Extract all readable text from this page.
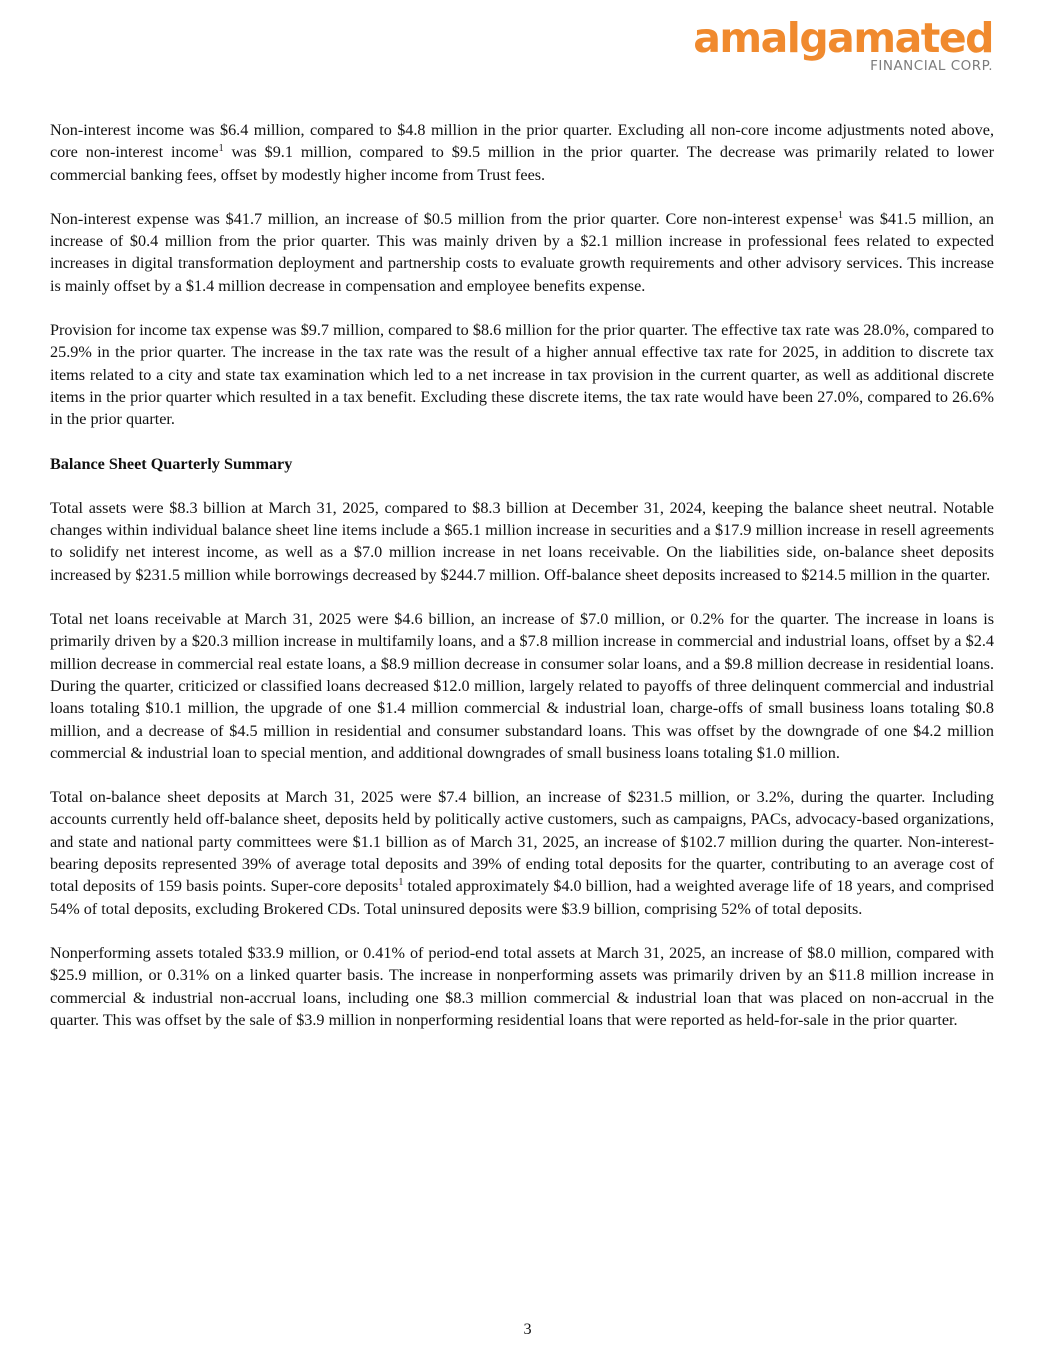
amalgamated
FINANCIAL CORP.

Non-interest income was $6.4 million, compared to $4.8 million in the prior quarter. Excluding all non-core income adjustments noted above, core non-interest income$^1$ was $9.1 million, compared to $9.5 million in the prior quarter. The decrease was primarily related to lower commercial banking fees, offset by modestly higher income from Trust fees.

Non-interest expense was $41.7 million, an increase of $0.5 million from the prior quarter. Core non-interest expense$^1$ was $41.5 million, an increase of $0.4 million from the prior quarter. This was mainly driven by a $2.1 million increase in professional fees related to expected increases in digital transformation deployment and partnership costs to evaluate growth requirements and other advisory services. This increase is mainly offset by a $1.4 million decrease in compensation and employee benefits expense.

Provision for income tax expense was $9.7 million, compared to $8.6 million for the prior quarter. The effective tax rate was 28.0%, compared to 25.9% in the prior quarter. The increase in the tax rate was the result of a higher annual effective tax rate for 2025, in addition to discrete tax items related to a city and state tax examination which led to a net increase in tax provision in the current quarter, as well as additional discrete items in the prior quarter which resulted in a tax benefit. Excluding these discrete items, the tax rate would have been 27.0%, compared to 26.6% in the prior quarter.

Balance Sheet Quarterly Summary

Total assets were $8.3 billion at March 31, 2025, compared to $8.3 billion at December 31, 2024, keeping the balance sheet neutral. Notable changes within individual balance sheet line items include a $65.1 million increase in securities and a $17.9 million increase in resell agreements to solidify net interest income, as well as a $7.0 million increase in net loans receivable. On the liabilities side, on-balance sheet deposits increased by $231.5 million while borrowings decreased by $244.7 million. Off-balance sheet deposits increased to $214.5 million in the quarter.

Total net loans receivable at March 31, 2025 were $4.6 billion, an increase of $7.0 million, or 0.2% for the quarter. The increase in loans is primarily driven by a $20.3 million increase in multifamily loans, and a $7.8 million increase in commercial and industrial loans, offset by a $2.4 million decrease in commercial real estate loans, a $8.9 million decrease in consumer solar loans, and a $9.8 million decrease in residential loans. During the quarter, criticized or classified loans decreased $12.0 million, largely related to payoffs of three delinquent commercial and industrial loans totaling $10.1 million, the upgrade of one $1.4 million commercial & industrial loan, charge-offs of small business loans totaling $0.8 million, and a decrease of $4.5 million in residential and consumer substandard loans. This was offset by the downgrade of one $4.2 million commercial & industrial loan to special mention, and additional downgrades of small business loans totaling $1.0 million.

Total on-balance sheet deposits at March 31, 2025 were $7.4 billion, an increase of $231.5 million, or 3.2%, during the quarter. Including accounts currently held off-balance sheet, deposits held by politically active customers, such as campaigns, PACs, advocacy-based organizations, and state and national party committees were $1.1 billion as of March 31, 2025, an increase of $102.7 million during the quarter. Non-interest-bearing deposits represented 39% of average total deposits and 39% of ending total deposits for the quarter, contributing to an average cost of total deposits of 159 basis points. Super-core deposits$^1$ totaled approximately $4.0 billion, had a weighted average life of 18 years, and comprised 54% of total deposits, excluding Brokered CDs. Total uninsured deposits were $3.9 billion, comprising 52% of total deposits.

Nonperforming assets totaled $33.9 million, or 0.41% of period-end total assets at March 31, 2025, an increase of $8.0 million, compared with $25.9 million, or 0.31% on a linked quarter basis. The increase in nonperforming assets was primarily driven by an $11.8 million increase in commercial & industrial non-accrual loans, including one $8.3 million commercial & industrial loan that was placed on non-accrual in the quarter. This was offset by the sale of $3.9 million in nonperforming residential loans that were reported as held-for-sale in the prior quarter.

3
